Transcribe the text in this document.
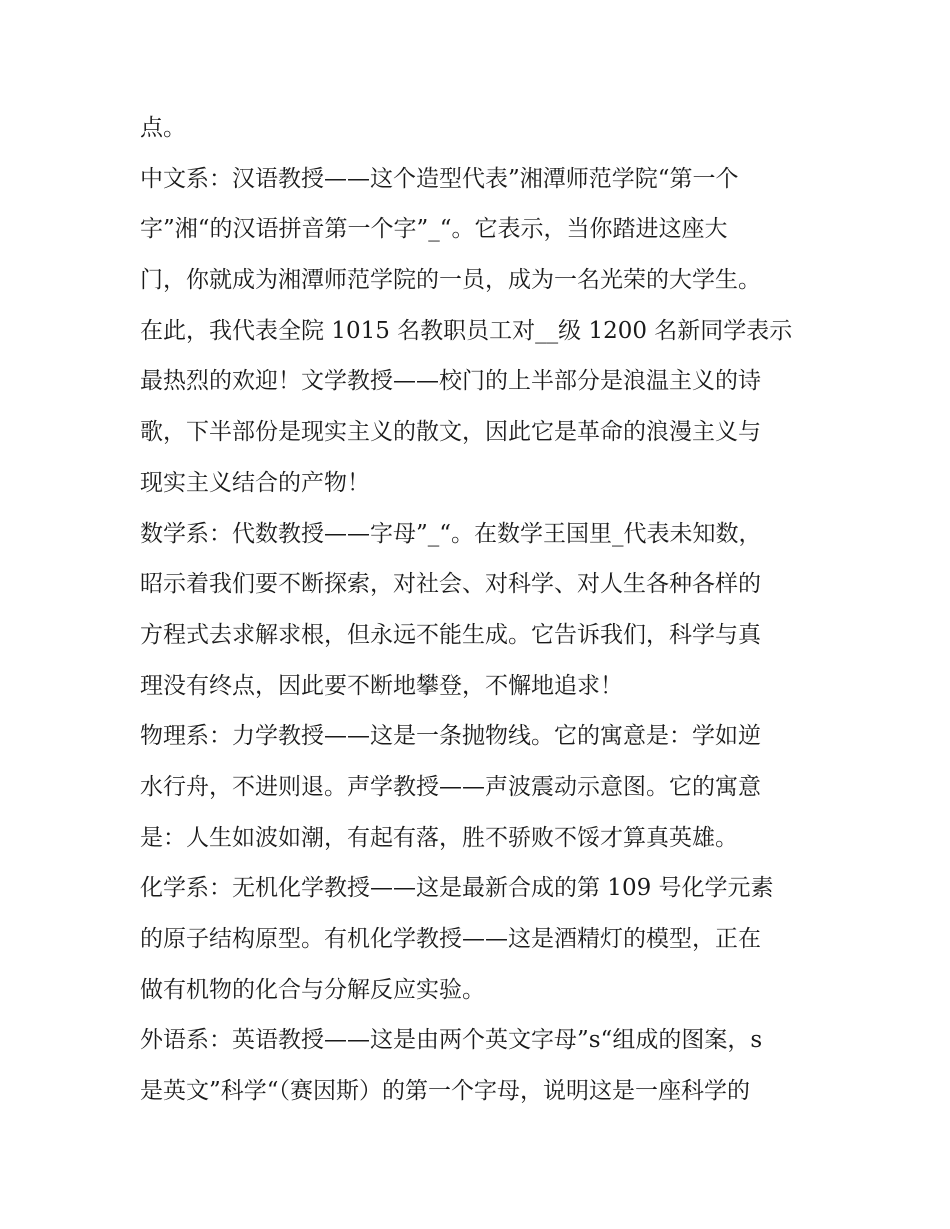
点。
中文系：汉语教授——这个造型代表”湘潭师范学院“第一个
字”湘“的汉语拼音第一个字”_“。它表示，当你踏进这座大
门，你就成为湘潭师范学院的一员，成为一名光荣的大学生。
在此，我代表全院 1015 名教职员工对__级 1200 名新同学表示
最热烈的欢迎！文学教授——校门的上半部分是浪温主义的诗
歌，下半部份是现实主义的散文，因此它是革命的浪漫主义与
现实主义结合的产物！
数学系：代数教授——字母”_“。在数学王国里_代表未知数，
昭示着我们要不断探索，对社会、对科学、对人生各种各样的
方程式去求解求根，但永远不能生成。它告诉我们，科学与真
理没有终点，因此要不断地攀登，不懈地追求！
物理系：力学教授——这是一条抛物线。它的寓意是：学如逆
水行舟，不进则退。声学教授——声波震动示意图。它的寓意
是：人生如波如潮，有起有落，胜不骄败不馁才算真英雄。
化学系：无机化学教授——这是最新合成的第 109 号化学元素
的原子结构原型。有机化学教授——这是酒精灯的模型，正在
做有机物的化合与分解反应实验。
外语系：英语教授——这是由两个英文字母”s“组成的图案，s
是英文”科学“（赛因斯）的第一个字母，说明这是一座科学的
